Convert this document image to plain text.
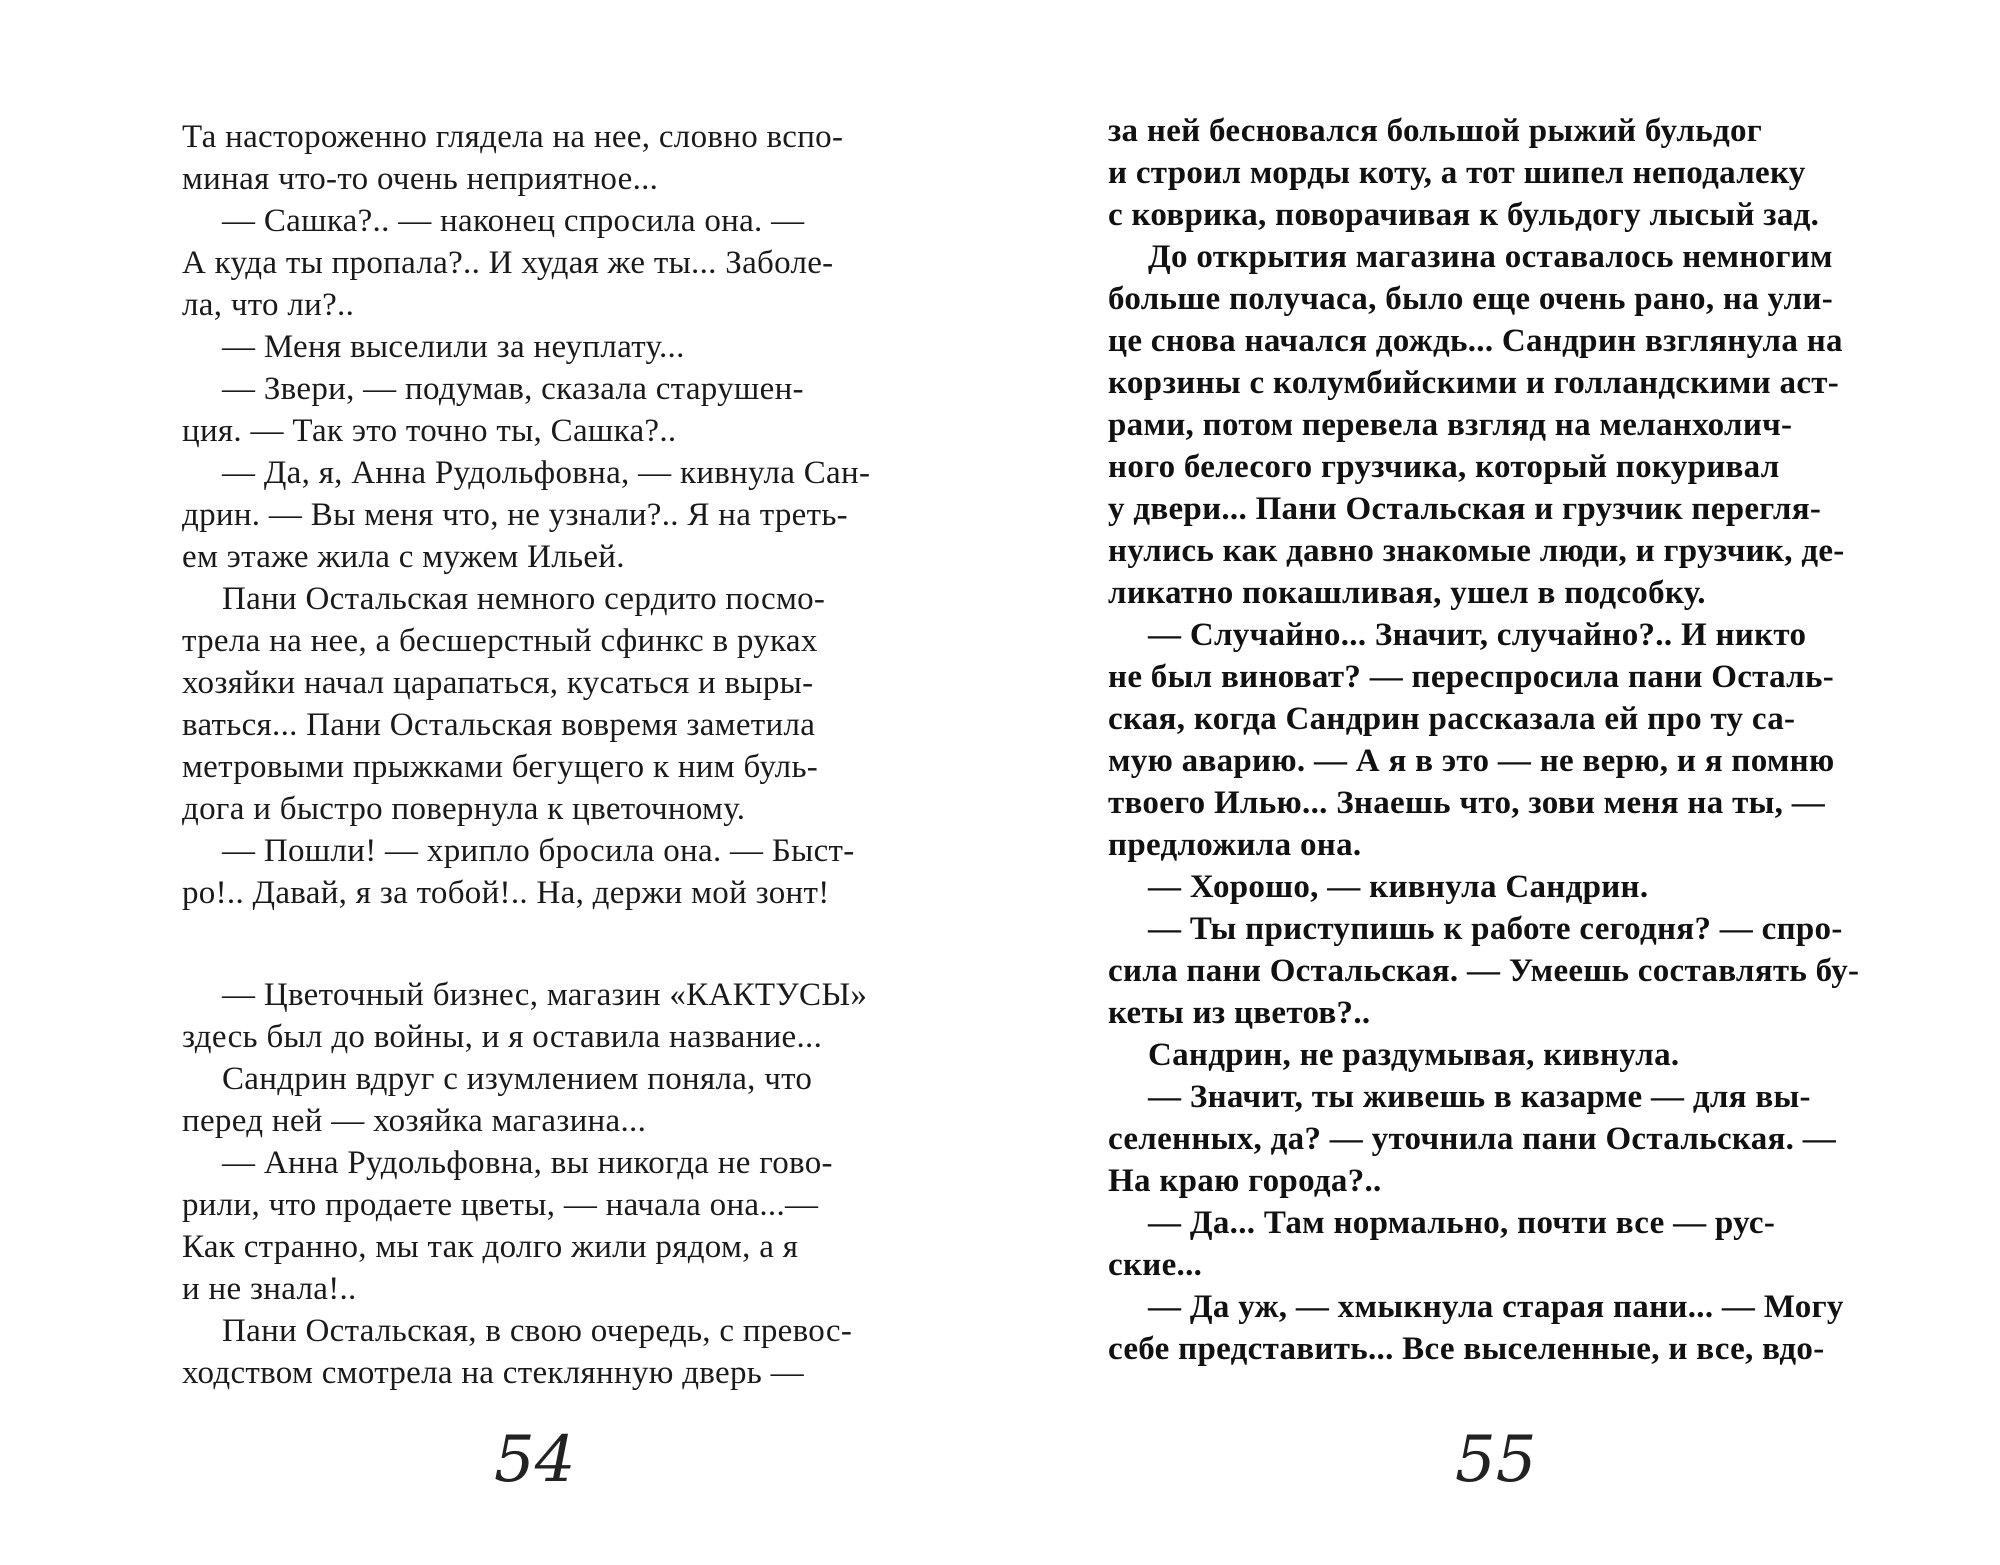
Та настороженно глядела на нее, словно вспо-
миная что-то очень неприятное...
— Сашка?.. — наконец спросила она. —
А куда ты пропала?.. И худая же ты... Заболе-
ла, что ли?..
— Меня выселили за неуплату...
— Звери, — подумав, сказала старушен-
ция. — Так это точно ты, Сашка?..
— Да, я, Анна Рудольфовна, — кивнула Сан-
дрин. — Вы меня что, не узнали?.. Я на треть-
ем этаже жила с мужем Ильей.
Пани Остальская немного сердито посмо-
трела на нее, а бесшерстный сфинкс в руках
хозяйки начал царапаться, кусаться и выры-
ваться... Пани Остальская вовремя заметила
метровыми прыжками бегущего к ним буль-
дога и быстро повернула к цветочному.
— Пошли! — хрипло бросила она. — Быст-
ро!.. Давай, я за тобой!.. На, держи мой зонт!
— Цветочный бизнес, магазин «КАКТУСЫ»
здесь был до войны, и я оставила название...
Сандрин вдруг с изумлением поняла, что
перед ней — хозяйка магазина...
— Анна Рудольфовна, вы никогда не гово-
рили, что продаете цветы, — начала она...—
Как странно, мы так долго жили рядом, а я
и не знала!..
Пани Остальская, в свою очередь, с превос-
ходством смотрела на стеклянную дверь —
54
за ней бесновался большой рыжий бульдог
и строил морды коту, а тот шипел неподалеку
с коврика, поворачивая к бульдогу лысый зад.
До открытия магазина оставалось немногим
больше получаса, было еще очень рано, на ули-
це снова начался дождь... Сандрин взглянула на
корзины с колумбийскими и голландскими аст-
рами, потом перевела взгляд на меланхолич-
ного белесого грузчика, который покуривал
у двери... Пани Остальская и грузчик перегля-
нулись как давно знакомые люди, и грузчик, де-
ликатно покашливая, ушел в подсобку.
— Случайно... Значит, случайно?.. И никто
не был виноват? — переспросила пани Осталь-
ская, когда Сандрин рассказала ей про ту са-
мую аварию. — А я в это — не верю, и я помню
твоего Илью... Знаешь что, зови меня на ты, —
предложила она.
— Хорошо, — кивнула Сандрин.
— Ты приступишь к работе сегодня? — спро-
сила пани Остальская. — Умеешь составлять бу-
кеты из цветов?..
Сандрин, не раздумывая, кивнула.
— Значит, ты живешь в казарме — для вы-
селенных, да? — уточнила пани Остальская. —
На краю города?..
— Да... Там нормально, почти все — рус-
ские...
— Да уж, — хмыкнула старая пани... — Могу
себе представить... Все выселенные, и все, вдо-
55
